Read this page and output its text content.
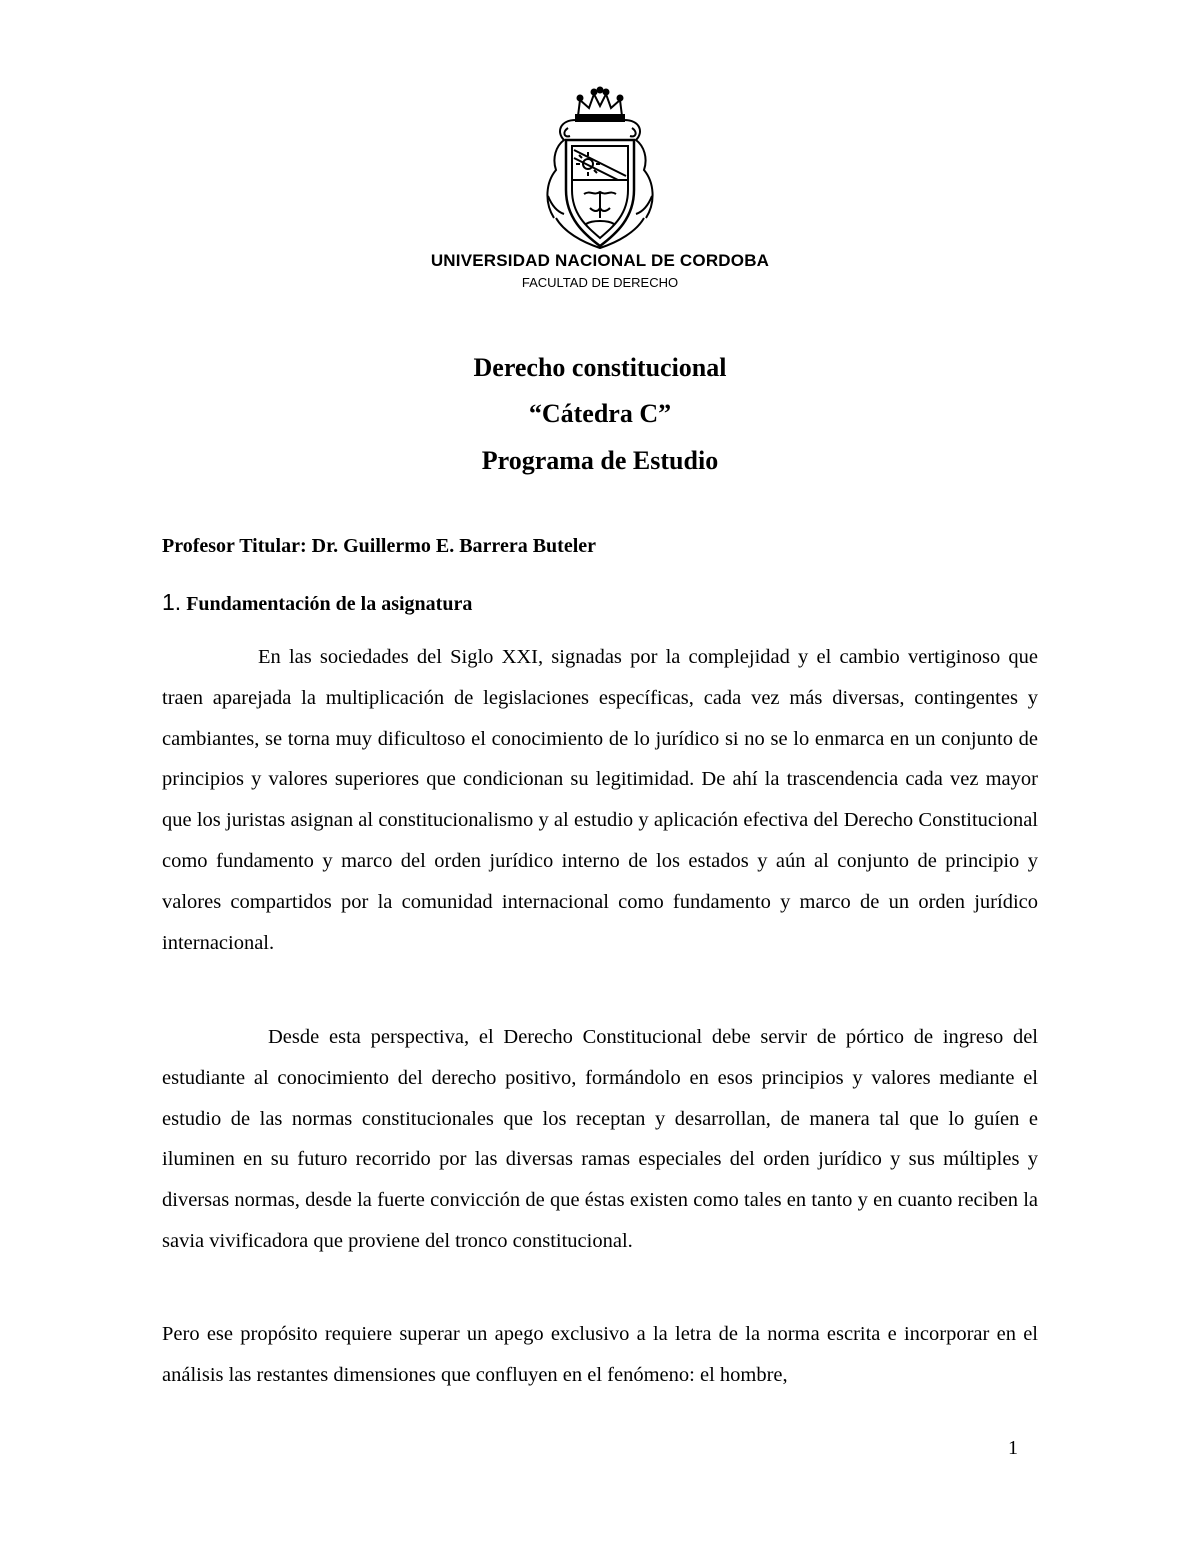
UNIVERSIDAD NACIONAL DE CORDOBA

FACULTAD DE DERECHO

Derecho constitucional
“Cátedra C”
Programa de Estudio

Profesor Titular: Dr. Guillermo E. Barrera Buteler

1. Fundamentación de la asignatura

En las sociedades del Siglo XXI, signadas por la complejidad y el cambio vertiginoso que traen aparejada la multiplicación de legislaciones específicas, cada vez más diversas, contingentes y cambiantes, se torna muy dificultoso el conocimiento de lo jurídico si no se lo enmarca en un conjunto de principios y valores superiores que condicionan su legitimidad. De ahí la trascendencia cada vez mayor que los juristas asignan al constitucionalismo y al estudio y aplicación efectiva del Derecho Constitucional como fundamento y marco del orden jurídico interno de los estados y aún al conjunto de principio y valores compartidos por la comunidad internacional como fundamento y marco de un orden jurídico internacional.

Desde esta perspectiva, el Derecho Constitucional debe servir de pórtico de ingreso del estudiante al conocimiento del derecho positivo, formándolo en esos principios y valores mediante el estudio de las normas constitucionales que los receptan y desarrollan, de manera tal que lo guíen e iluminen en su futuro recorrido por las diversas ramas especiales del orden jurídico y sus múltiples y diversas normas, desde la fuerte convicción de que éstas existen como tales en tanto y en cuanto reciben la savia vivificadora que proviene del tronco constitucional.

Pero ese propósito requiere superar un apego exclusivo a la letra de la norma escrita e incorporar en el análisis las restantes dimensiones que confluyen en el fenómeno: el hombre,

1
